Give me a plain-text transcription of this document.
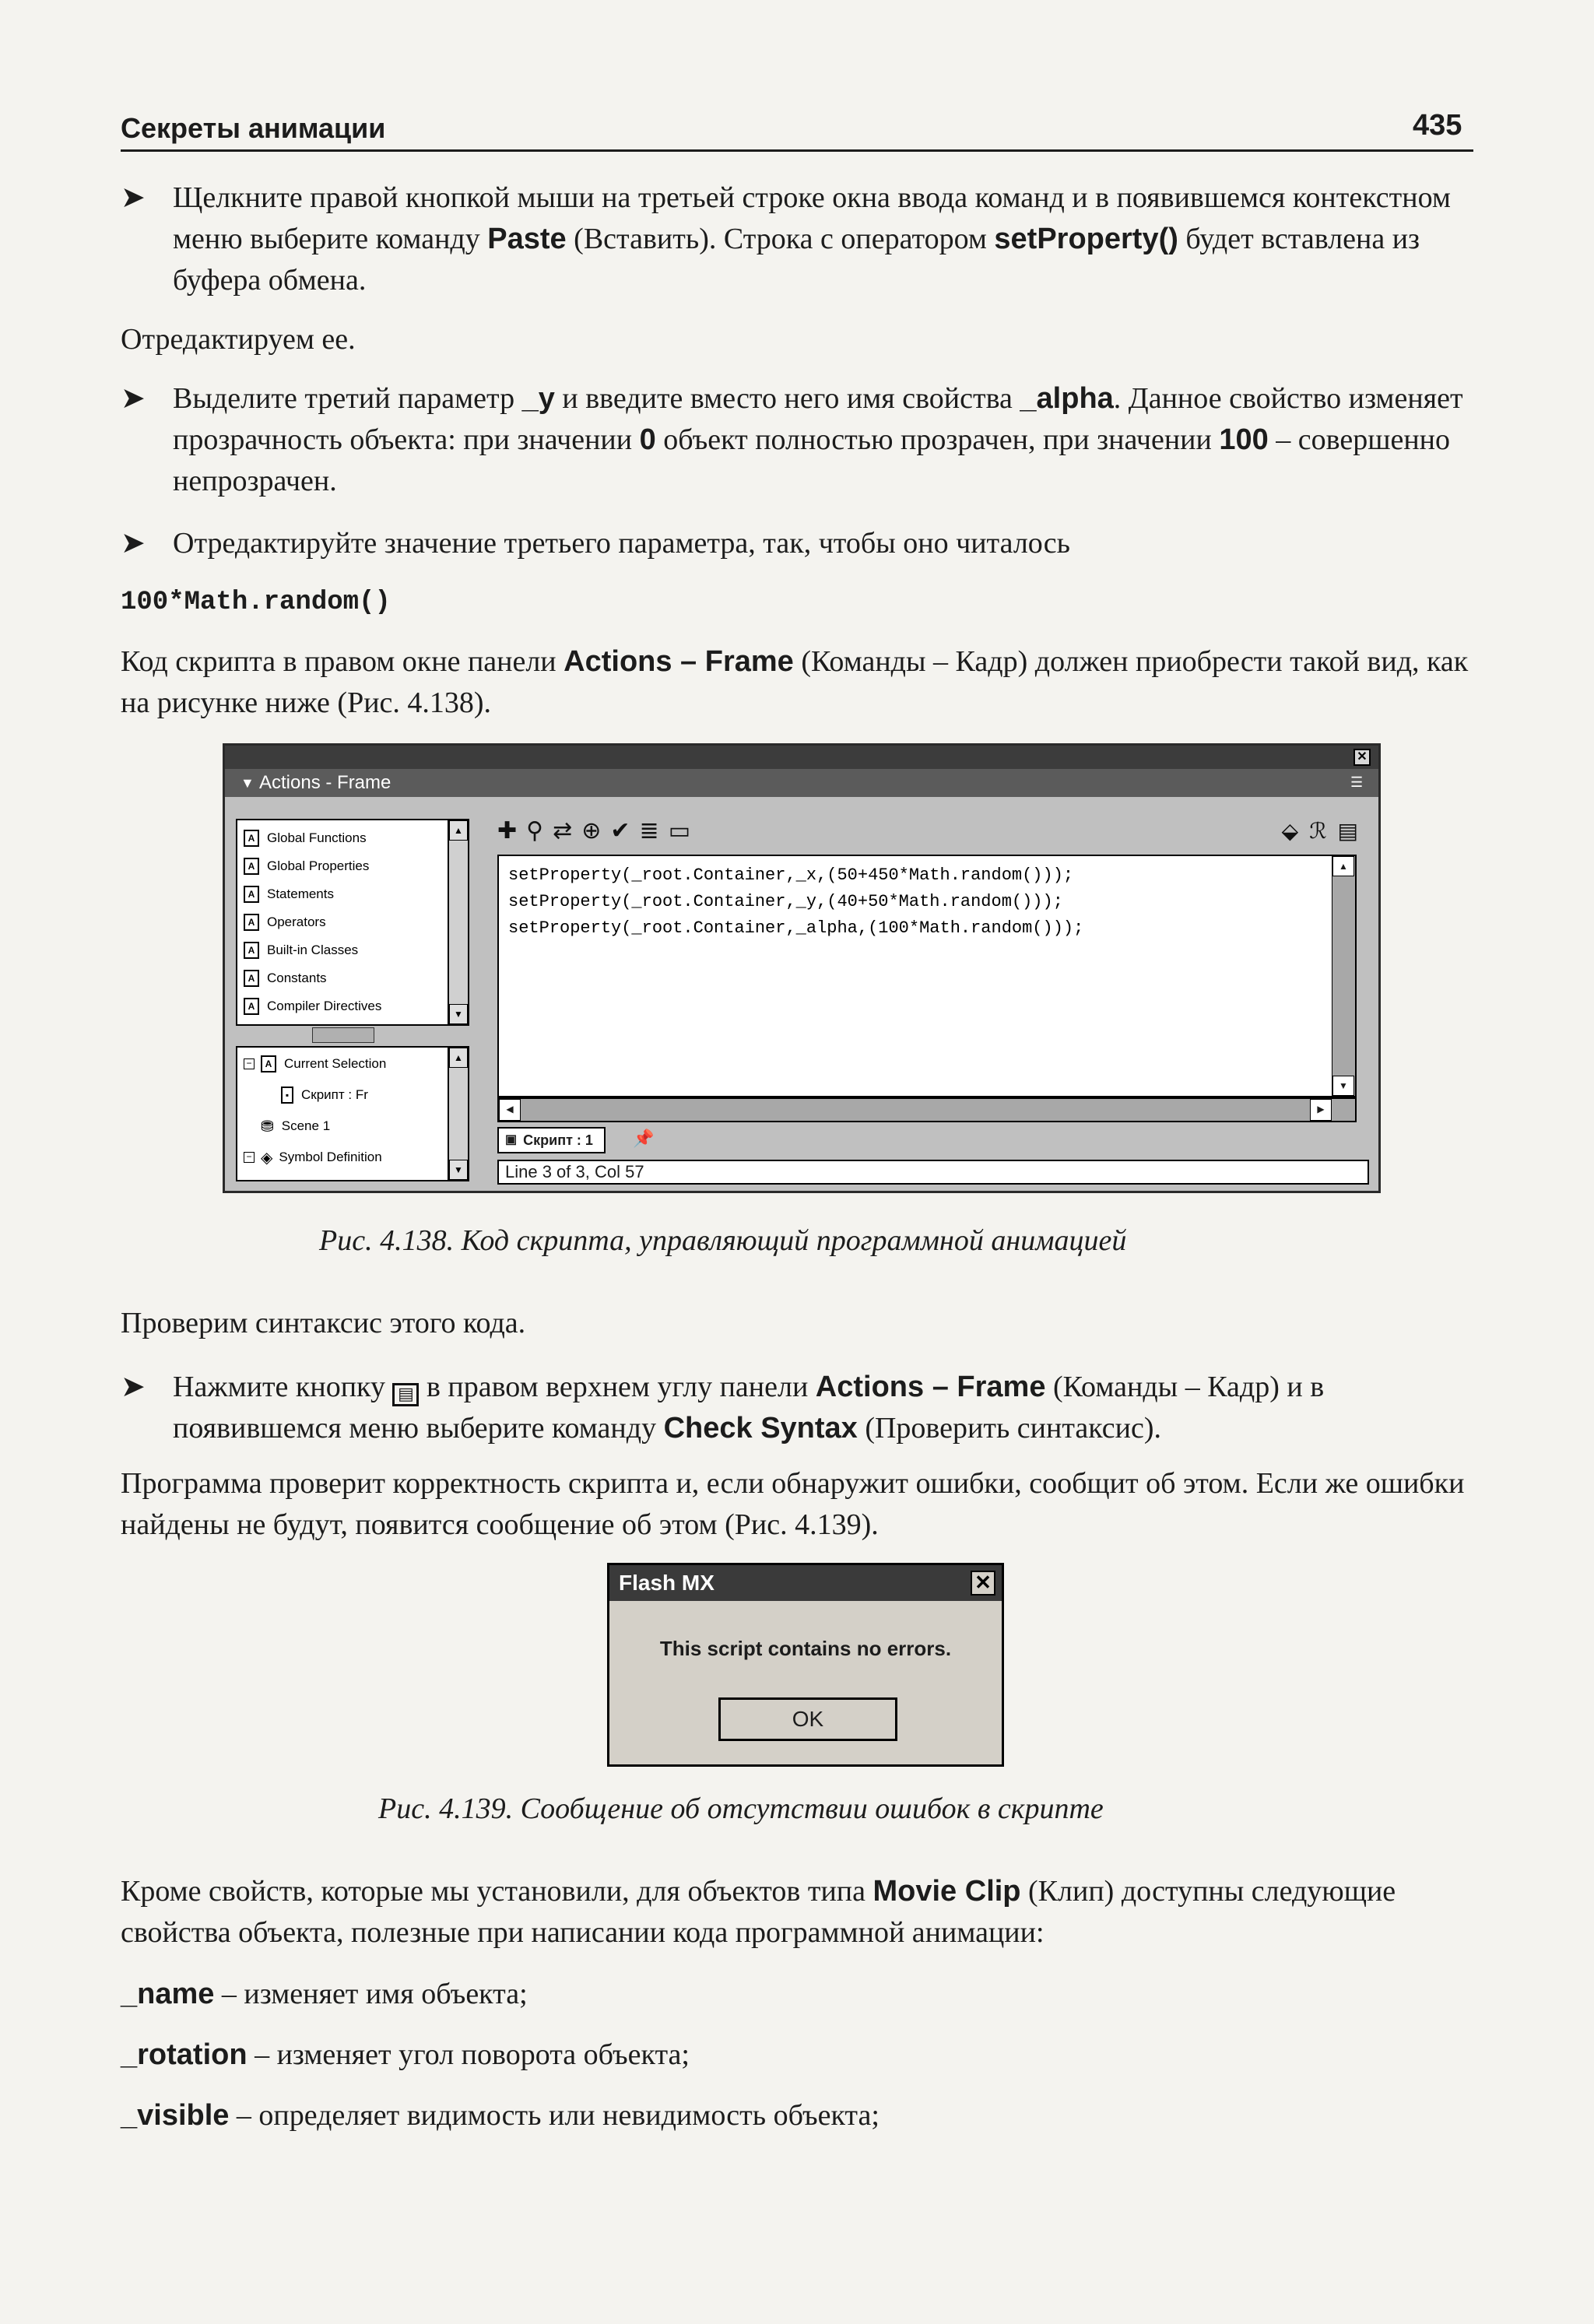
Секреты анимации	435
➤ Щелкните правой кнопкой мыши на третьей строке окна ввода команд и в появившемся контекстном меню выберите команду Paste (Вставить). Строка с оператором setProperty() будет вставлена из буфера обмена.
Отредактируем ее.
➤ Выделите третий параметр _y и введите вместо него имя свойства _alpha. Данное свойство изменяет прозрачность объекта: при значении 0 объект полностью прозрачен, при значении 100 – совершенно непрозрачен.
➤ Отредактируйте значение третьего параметра, так, чтобы оно читалось
100*Math.random()
Код скрипта в правом окне панели Actions – Frame (Команды – Кадр) должен приобрести такой вид, как на рисунке ниже (Рис. 4.138).
✕
▼ Actions - Frame	☰
A Global Functions
A Global Properties
A Statements
A Operators
A Built-in Classes
A Constants
A Compiler Directives
▲
▼
−	A Current Selection
▪ Скрипт : Fr
⛃ Scene 1
− ◈ Symbol Definition
▲
▼
✚ ⚲ ⇄ ⊕ ✔ ≣ ▭	⬙ ℛ ▤
setProperty(_root.Container,_x,(50+450*Math.random()));
setProperty(_root.Container,_y,(40+50*Math.random()));
setProperty(_root.Container,_alpha,(100*Math.random()));
▲
▼
◀	▶
▣ Скрипт : 1 📌
Line 3 of 3, Col 57
Рис. 4.138. Код скрипта, управляющий программной анимацией
Проверим синтаксис этого кода.
➤ Нажмите кнопку ▤ в правом верхнем углу панели Actions – Frame (Команды – Кадр) и в появившемся меню выберите команду Check Syntax (Проверить синтаксис).
Программа проверит корректность скрипта и, если обнаружит ошибки, сообщит об этом. Если же ошибки найдены не будут, появится сообщение об этом (Рис. 4.139).
Flash MX	✕
This script contains no errors.
OK
Рис. 4.139. Сообщение об отсутствии ошибок в скрипте
Кроме свойств, которые мы установили, для объектов типа Movie Clip (Клип) доступны следующие свойства объекта, полезные при написании кода программной анимации:
_name – изменяет имя объекта;
_rotation – изменяет угол поворота объекта;
_visible – определяет видимость или невидимость объекта;
